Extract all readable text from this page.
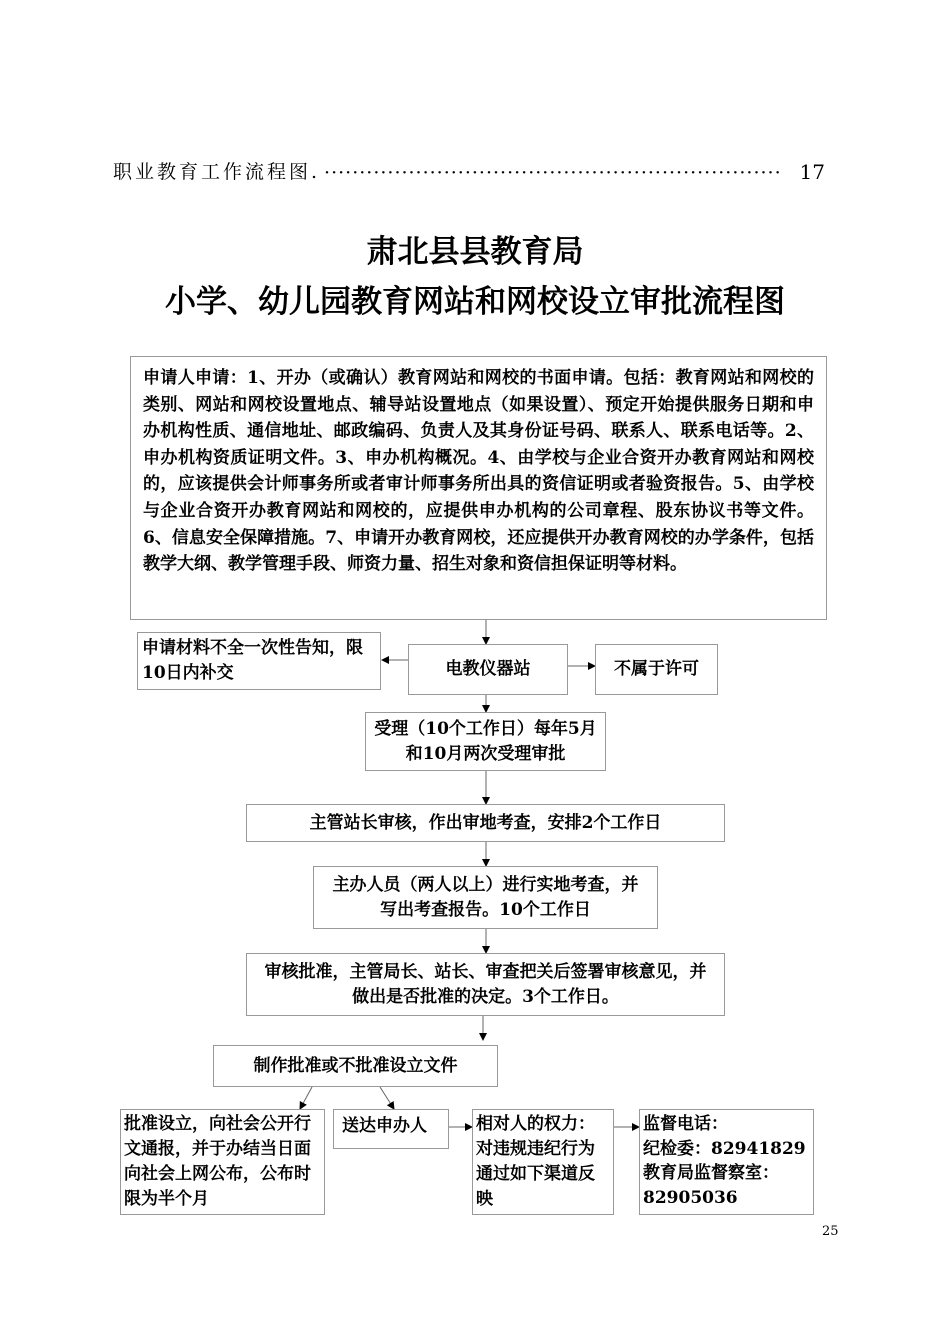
职业教育工作流程图. ································································· 17
肃北县县教育局
小学、幼儿园教育网站和网校设立审批流程图
申请人申请：1、开办（或确认）教育网站和网校的书面申请。包括：教育网站和网校的类别、网站和网校设置地点、辅导站设置地点（如果设置）、预定开始提供服务日期和申办机构性质、通信地址、邮政编码、负责人及其身份证号码、联系人、联系电话等。2、申办机构资质证明文件。3、申办机构概况。4、由学校与企业合资开办教育网站和网校的，应该提供会计师事务所或者审计师事务所出具的资信证明或者验资报告。5、由学校与企业合资开办教育网站和网校的，应提供申办机构的公司章程、股东协议书等文件。6、信息安全保障措施。7、申请开办教育网校，还应提供开办教育网校的办学条件，包括教学大纲、教学管理手段、师资力量、招生对象和资信担保证明等材料。
申请材料不全一次性告知，限10日内补交	电教仪器站	不属于许可
受理（10个工作日）每年5月和10月两次受理审批
主管站长审核，作出审地考查，安排2个工作日
主办人员（两人以上）进行实地考查，并写出考查报告。10个工作日
审核批准，主管局长、站长、审查把关后签署审核意见，并做出是否批准的决定。3个工作日。
制作批准或不批准设立文件
批准设立，向社会公开行文通报，并于办结当日面向社会上网公布，公布时限为半个月
送达申办人	相对人的权力：对违规违纪行为通过如下渠道反映
监督电话：
纪检委：82941829
教育局监督察室：
82905036
25
